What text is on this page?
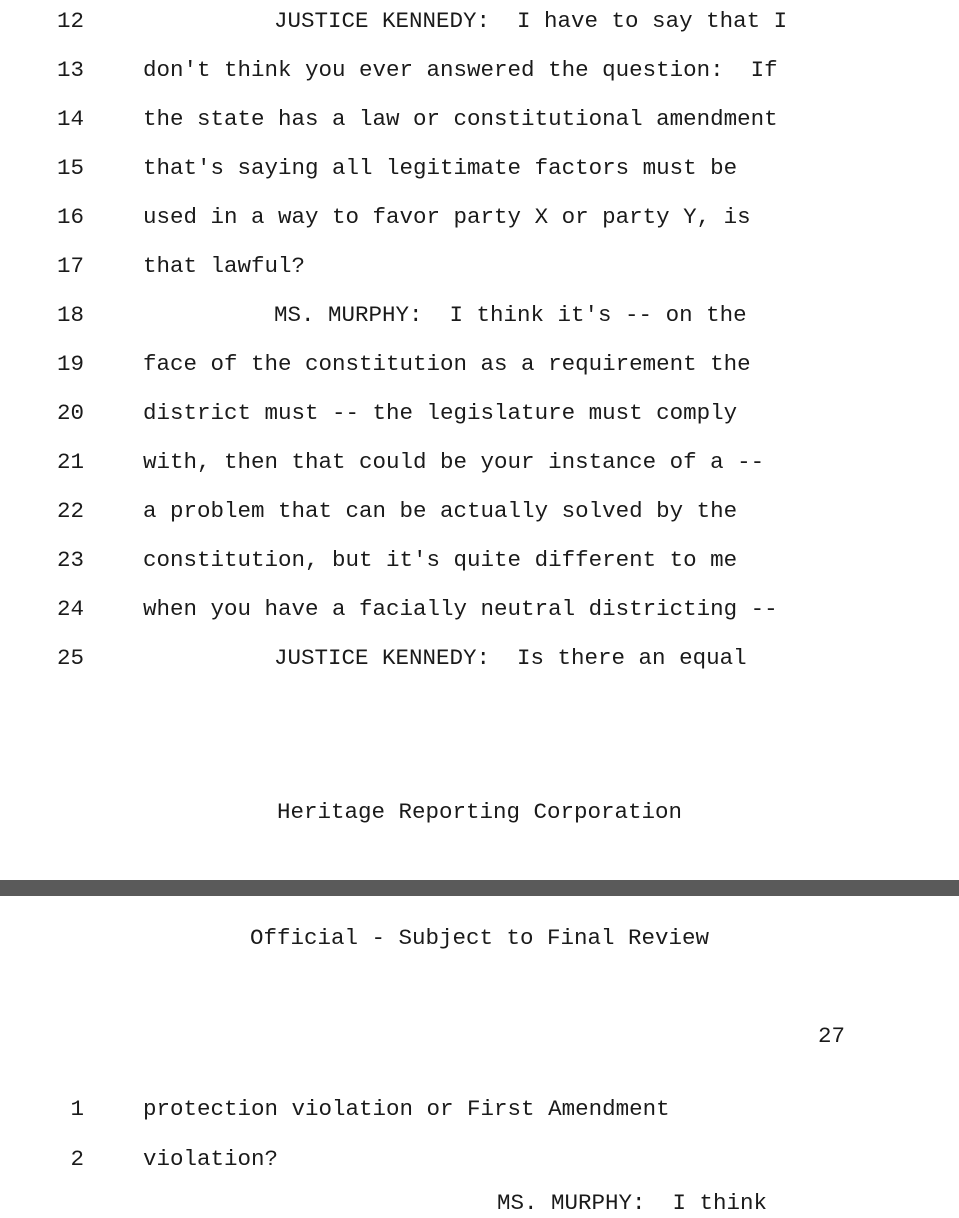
12	JUSTICE KENNEDY:  I have to say that I
13	don't think you ever answered the question:  If
14	the state has a law or constitutional amendment
15	that's saying all legitimate factors must be
16	used in a way to favor party X or party Y, is
17	that lawful?
18	MS. MURPHY:  I think it's -- on the
19	face of the constitution as a requirement the
20	district must -- the legislature must comply
21	with, then that could be your instance of a --
22	a problem that can be actually solved by the
23	constitution, but it's quite different to me
24	when you have a facially neutral districting --
25	JUSTICE KENNEDY:  Is there an equal
Heritage Reporting Corporation
Official - Subject to Final Review
27
1	protection violation or First Amendment
2	violation?
MS. MURPHY:  I think
